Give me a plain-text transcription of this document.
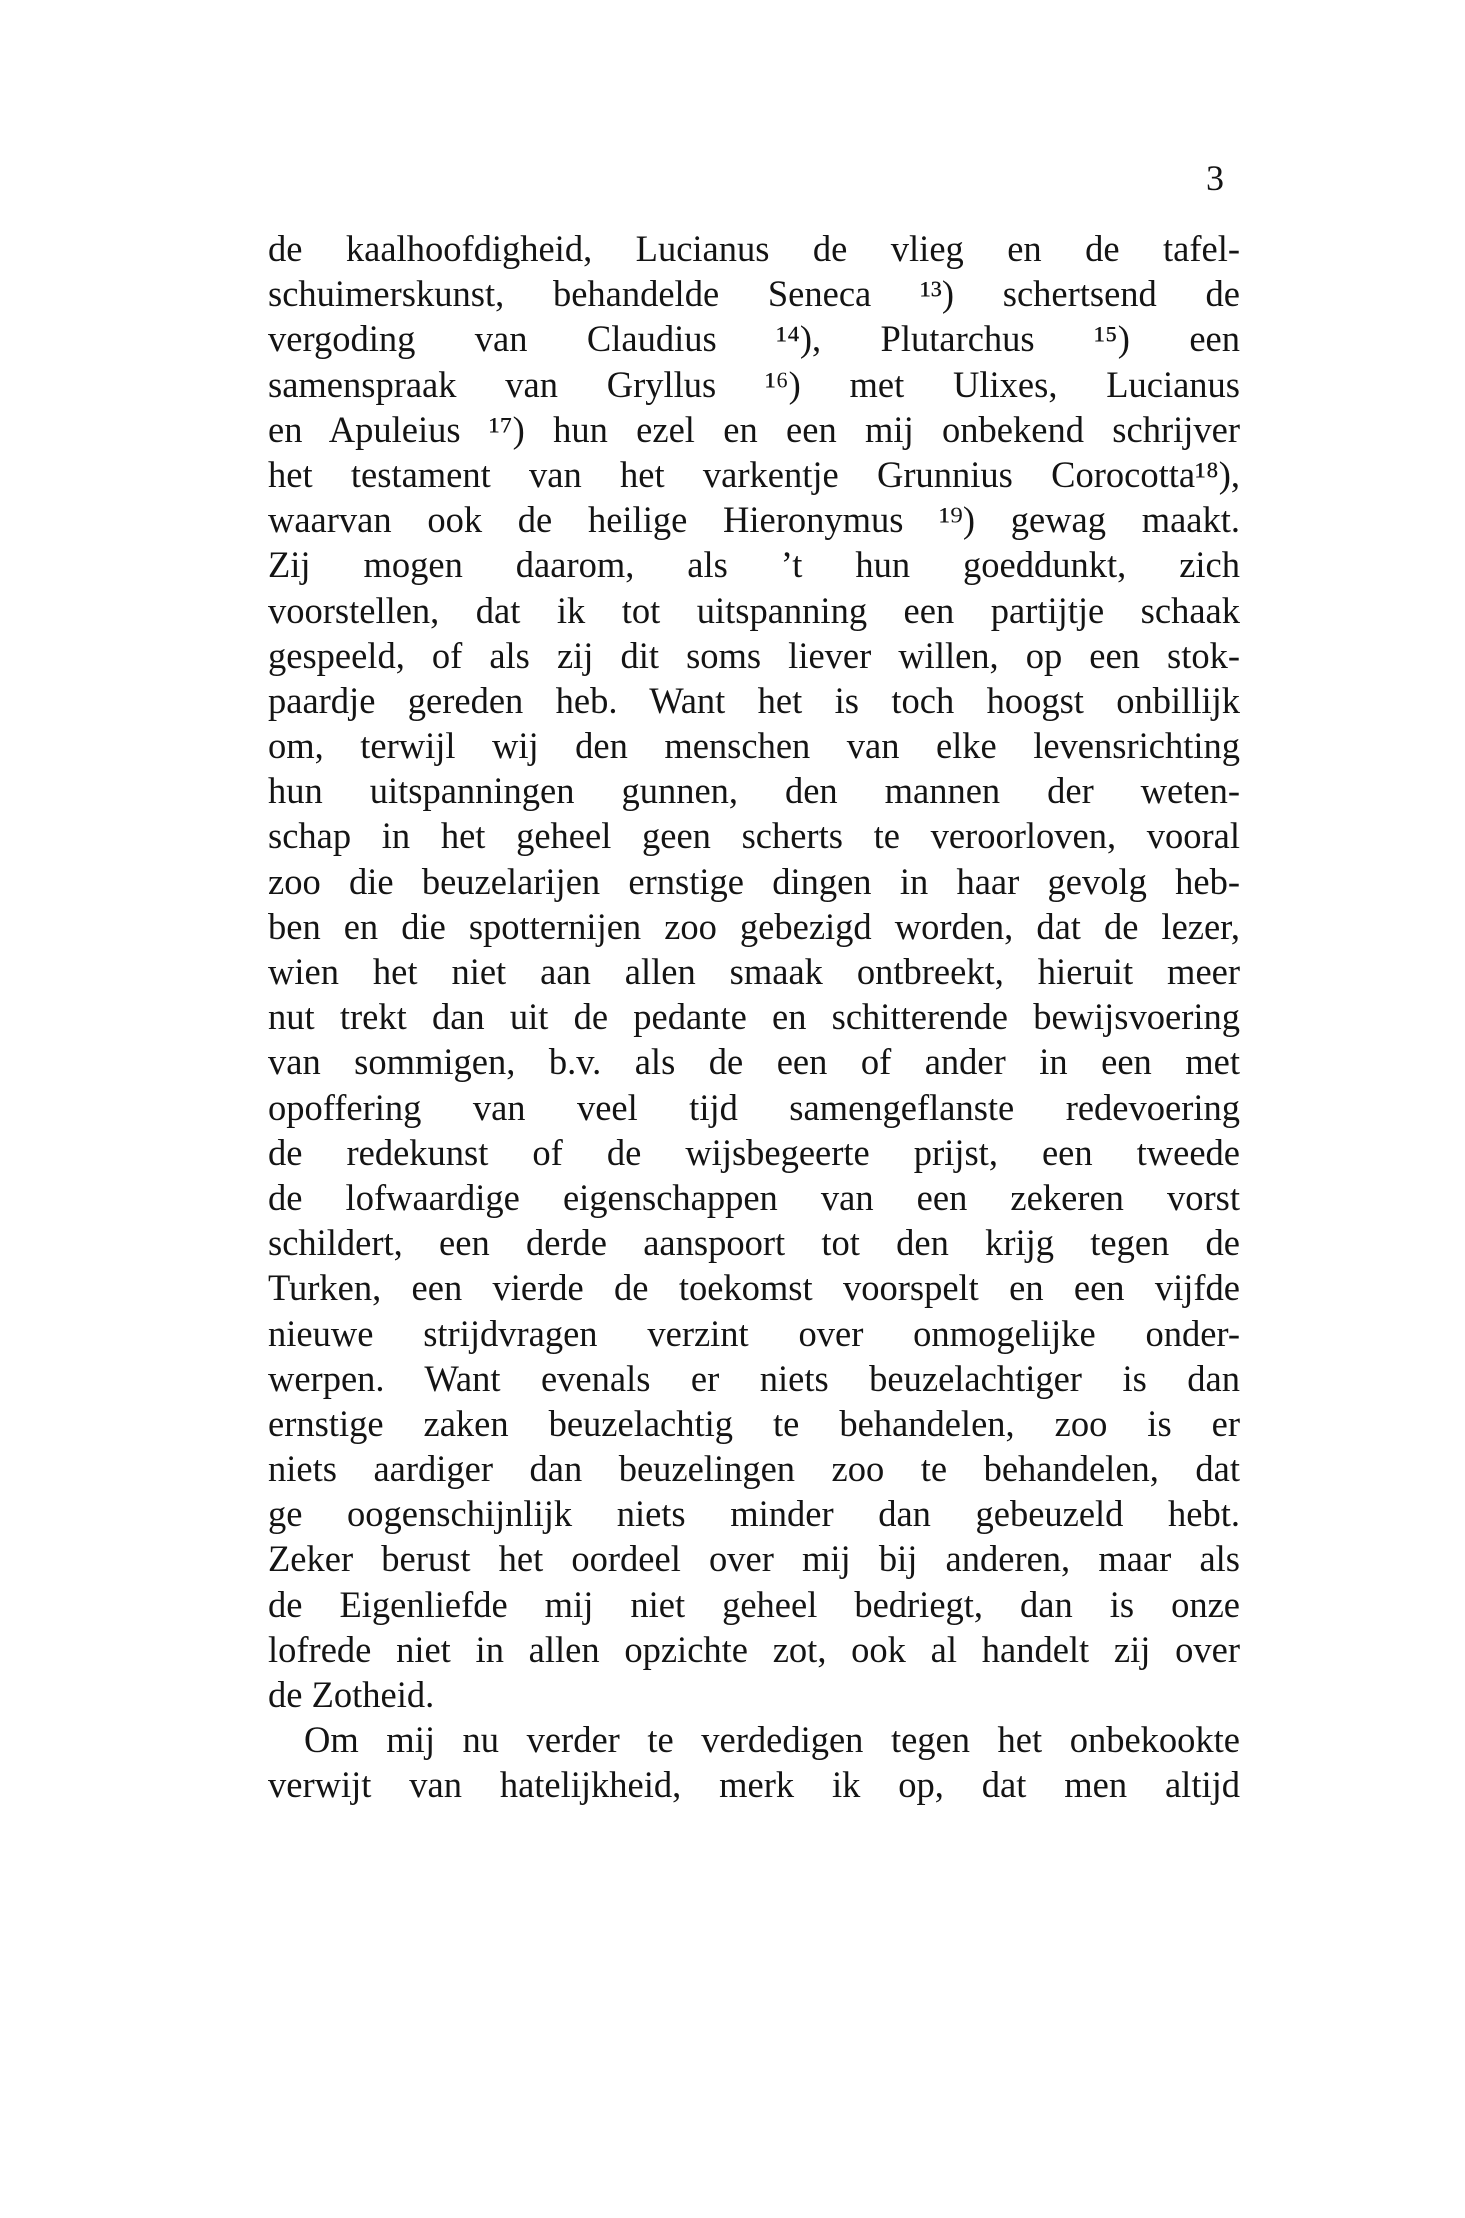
3
de kaalhoofdigheid, Lucianus de vlieg en de tafel-
schuimerskunst, behandelde Seneca ¹³) schertsend de
vergoding van Claudius ¹⁴), Plutarchus ¹⁵) een
samenspraak van Gryllus ¹⁶) met Ulixes, Lucianus
en Apuleius ¹⁷) hun ezel en een mij onbekend schrijver
het testament van het varkentje Grunnius Corocotta¹⁸),
waarvan ook de heilige Hieronymus ¹⁹) gewag maakt.
Zij mogen daarom, als ’t hun goeddunkt, zich
voorstellen, dat ik tot uitspanning een partijtje schaak
gespeeld, of als zij dit soms liever willen, op een stok-
paardje gereden heb. Want het is toch hoogst onbillijk
om, terwijl wij den menschen van elke levensrichting
hun uitspanningen gunnen, den mannen der weten-
schap in het geheel geen scherts te veroorloven, vooral
zoo die beuzelarijen ernstige dingen in haar gevolg heb-
ben en die spotternijen zoo gebezigd worden, dat de lezer,
wien het niet aan allen smaak ontbreekt, hieruit meer
nut trekt dan uit de pedante en schitterende bewijsvoering
van sommigen, b.v. als de een of ander in een met
opoffering van veel tijd samengeflanste redevoering
de redekunst of de wijsbegeerte prijst, een tweede
de lofwaardige eigenschappen van een zekeren vorst
schildert, een derde aanspoort tot den krijg tegen de
Turken, een vierde de toekomst voorspelt en een vijfde
nieuwe strijdvragen verzint over onmogelijke onder-
werpen. Want evenals er niets beuzelachtiger is dan
ernstige zaken beuzelachtig te behandelen, zoo is er
niets aardiger dan beuzelingen zoo te behandelen, dat
ge oogenschijnlijk niets minder dan gebeuzeld hebt.
Zeker berust het oordeel over mij bij anderen, maar als
de Eigenliefde mij niet geheel bedriegt, dan is onze
lofrede niet in allen opzichte zot, ook al handelt zij over
de Zotheid.
Om mij nu verder te verdedigen tegen het onbekookte
verwijt van hatelijkheid, merk ik op, dat men altijd
